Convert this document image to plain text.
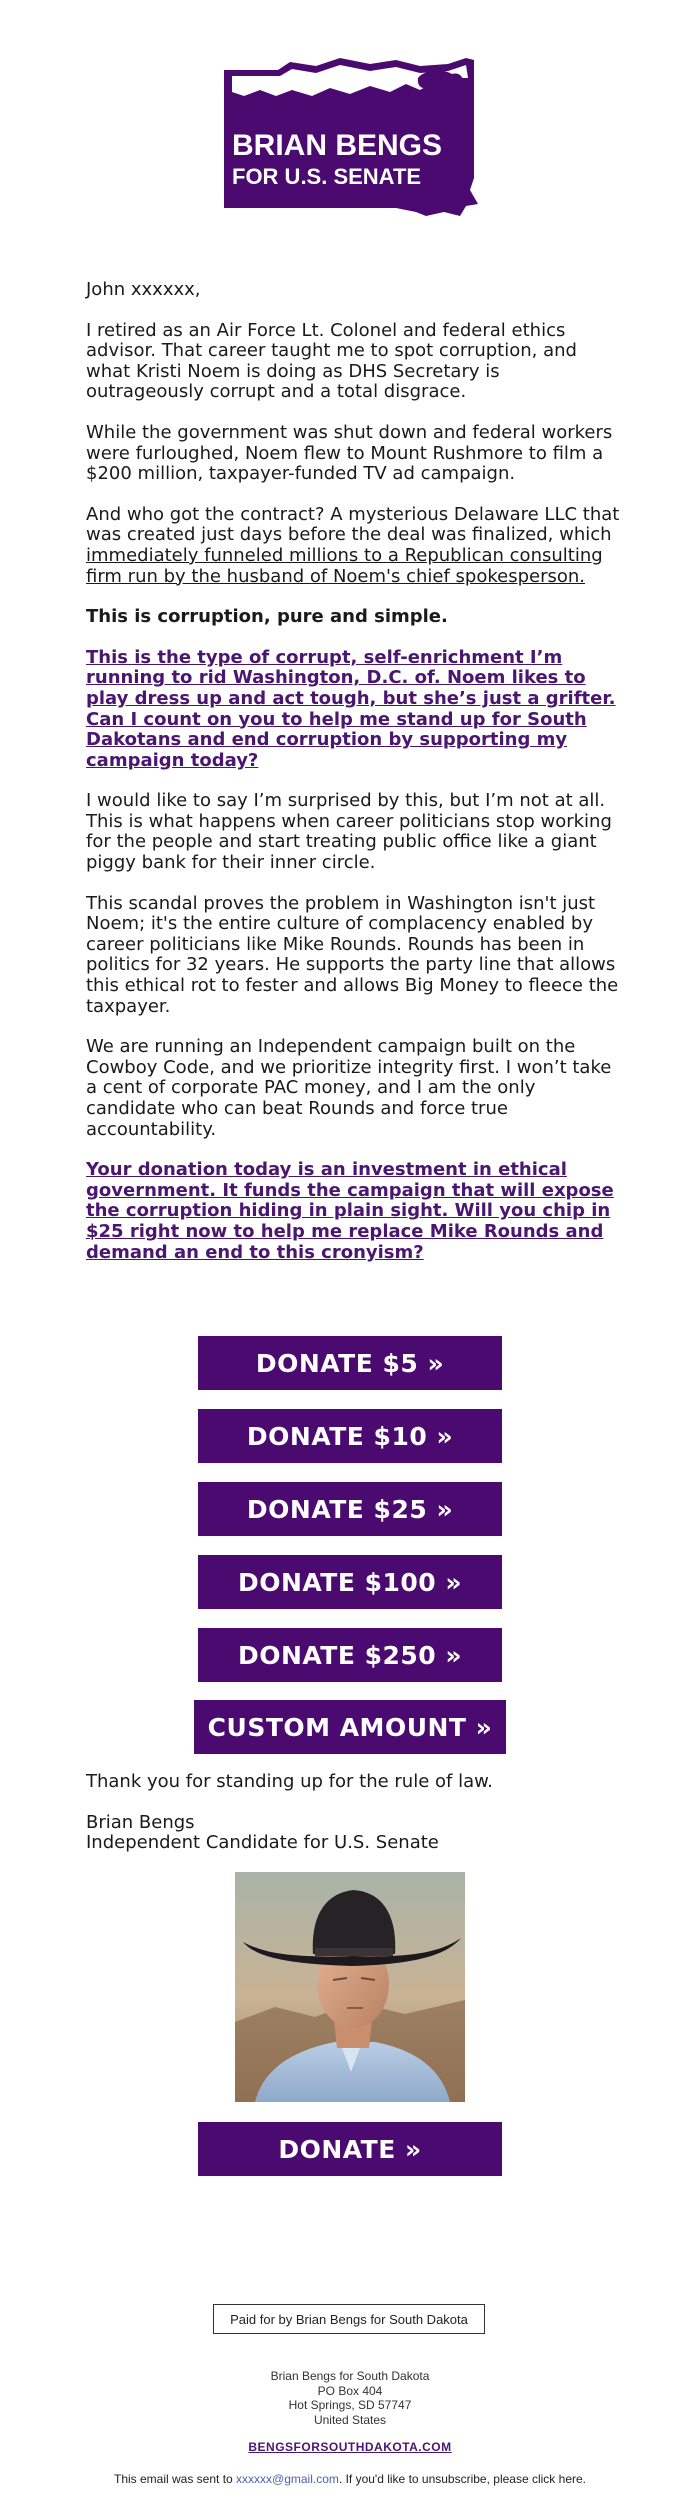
BRIAN BENGS
FOR U.S. SENATE

John xxxxxx,

I retired as an Air Force Lt. Colonel and federal ethics advisor. That career taught me to spot corruption, and what Kristi Noem is doing as DHS Secretary is outrageously corrupt and a total disgrace.

While the government was shut down and federal workers were furloughed, Noem flew to Mount Rushmore to film a $200 million, taxpayer-funded TV ad campaign.

And who got the contract? A mysterious Delaware LLC that was created just days before the deal was finalized, which immediately funneled millions to a Republican consulting firm run by the husband of Noem's chief spokesperson.

This is corruption, pure and simple.

This is the type of corrupt, self-enrichment I’m running to rid Washington, D.C. of. Noem likes to play dress up and act tough, but she’s just a grifter. Can I count on you to help me stand up for South Dakotans and end corruption by supporting my campaign today?

I would like to say I’m surprised by this, but I’m not at all. This is what happens when career politicians stop working for the people and start treating public office like a giant piggy bank for their inner circle.

This scandal proves the problem in Washington isn't just Noem; it's the entire culture of complacency enabled by career politicians like Mike Rounds. Rounds has been in politics for 32 years. He supports the party line that allows this ethical rot to fester and allows Big Money to fleece the taxpayer.

We are running an Independent campaign built on the Cowboy Code, and we prioritize integrity first. I won’t take a cent of corporate PAC money, and I am the only candidate who can beat Rounds and force true accountability.

Your donation today is an investment in ethical government. It funds the campaign that will expose the corruption hiding in plain sight. Will you chip in $25 right now to help me replace Mike Rounds and demand an end to this cronyism?

DONATE $5 »
DONATE $10 »
DONATE $25 »
DONATE $100 »
DONATE $250 »
CUSTOM AMOUNT »

Thank you for standing up for the rule of law.

Brian Bengs

Independent Candidate for U.S. Senate

DONATE »
Paid for by Brian Bengs for South Dakota
Brian Bengs for South Dakota
PO Box 404
Hot Springs, SD 57747
United States
BENGSFORSOUTHDAKOTA.COM
This email was sent to xxxxxx@gmail.com. If you'd like to unsubscribe, please click here.
